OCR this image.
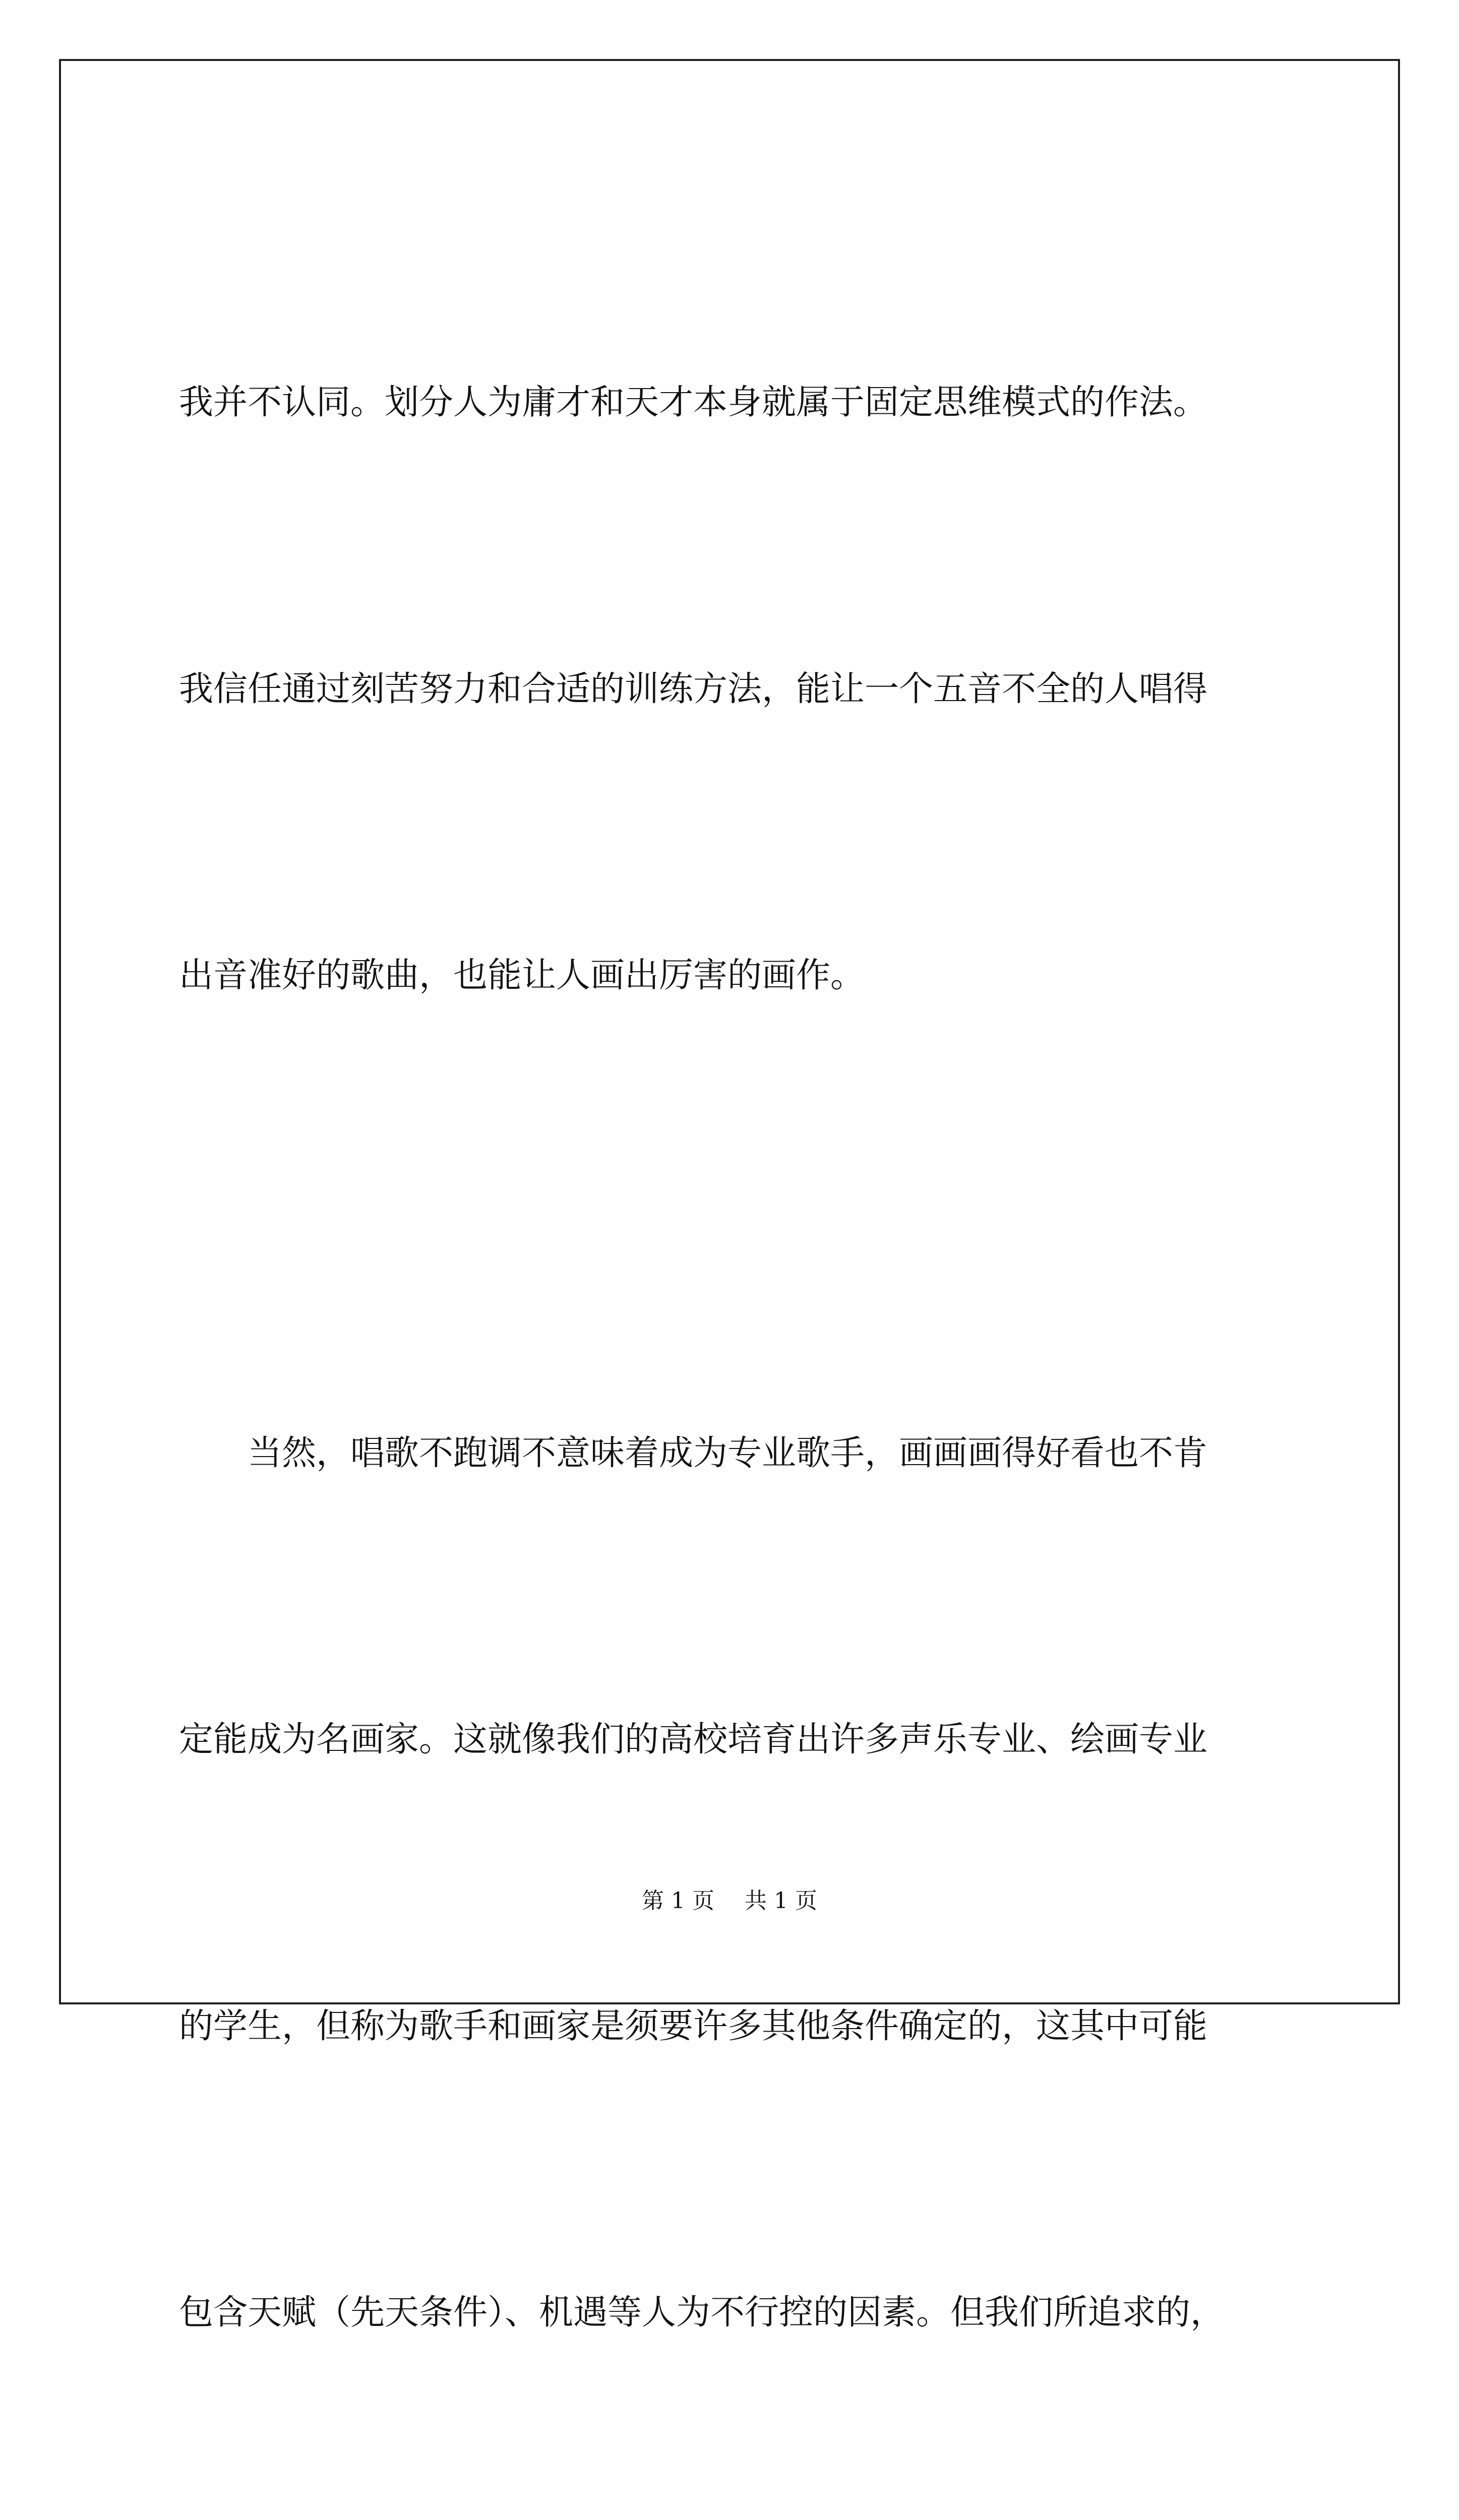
我并不认同。划分人为庸才和天才本身就属于固定思维模式的作法。

我信任通过刻苦努力和合适的训练方法，能让一个五音不全的人唱得

出音准好的歌曲，也能让人画出厉害的画作。

当然，唱歌不跑调不意味着成为专业歌手，画画画得好看也不肯

定能成为名画家。这就像我们的高校培育出许多声乐专业、绘画专业

的学生，但称为歌手和画家是须要许多其他条件确定的，这其中可能

包含天赋（先天条件）、机遇等人为不行控的因素。但我们所追求的，

第 1 页 共 1 页
